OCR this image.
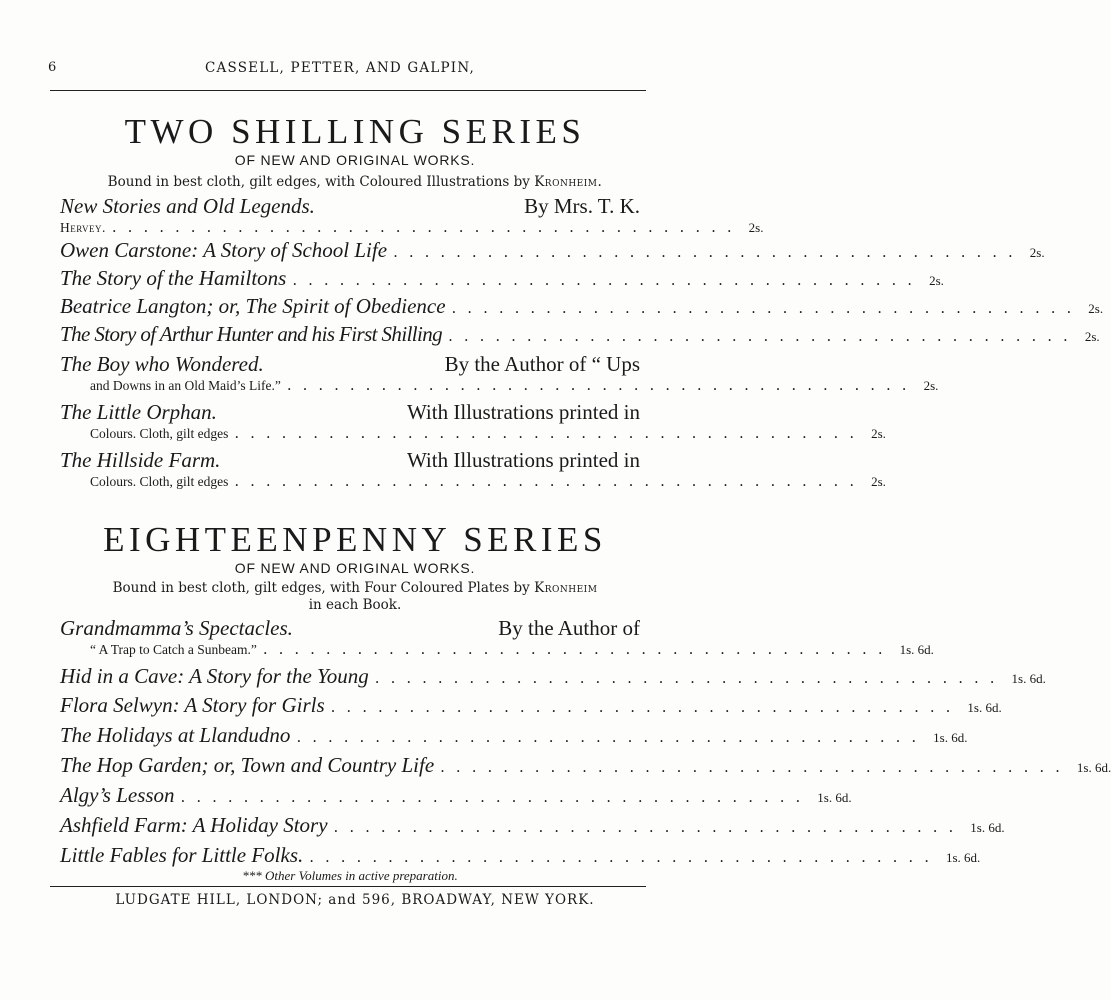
6	CASSELL, PETTER, AND GALPIN,
TWO SHILLING SERIES
OF NEW AND ORIGINAL WORKS.
Bound in best cloth, gilt edges, with Coloured Illustrations by Kronheim.
New Stories and Old Legends.	By Mrs. T. K.
Hervey. ........................................ 2s.
Owen Carstone: A Story of School Life ........................................ 2s.
The Story of the Hamiltons ........................................ 2s.
Beatrice Langton; or, The Spirit of Obedience ........................................ 2s.
The Story of Arthur Hunter and his First Shilling ........................................ 2s.
The Boy who Wondered.	By the Author of “ Ups
and Downs in an Old Maid’s Life.” ........................................ 2s.
The Little Orphan.	With Illustrations printed in
Colours. Cloth, gilt edges ........................................ 2s.
The Hillside Farm.	With Illustrations printed in
Colours. Cloth, gilt edges ........................................ 2s.
EIGHTEENPENNY SERIES
OF NEW AND ORIGINAL WORKS.
Bound in best cloth, gilt edges, with Four Coloured Plates by Kronheim
in each Book.
Grandmamma’s Spectacles.	By the Author of
“ A Trap to Catch a Sunbeam.” ........................................ 1s. 6d.
Hid in a Cave: A Story for the Young ........................................ 1s. 6d.
Flora Selwyn: A Story for Girls ........................................ 1s. 6d.
The Holidays at Llandudno ........................................ 1s. 6d.
The Hop Garden; or, Town and Country Life ........................................ 1s. 6d.
Algy’s Lesson ........................................ 1s. 6d.
Ashfield Farm: A Holiday Story ........................................ 1s. 6d.
Little Fables for Little Folks. ........................................ 1s. 6d.
*** Other Volumes in active preparation.
LUDGATE HILL, LONDON; and 596, BROADWAY, NEW YORK.
